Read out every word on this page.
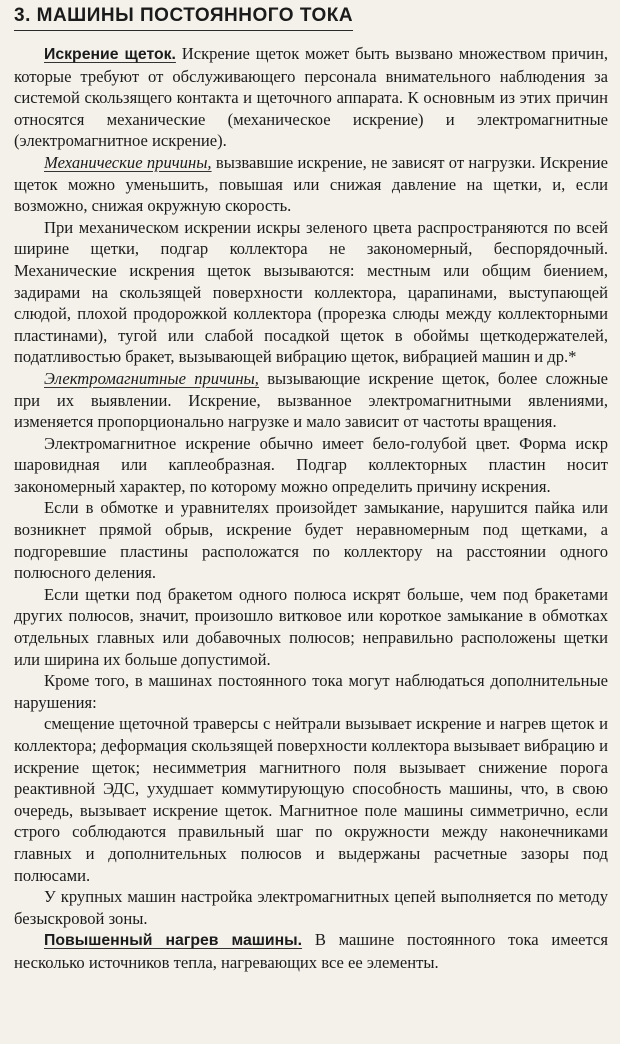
3. МАШИНЫ ПОСТОЯННОГО ТОКА

Искрение щеток. Искрение щеток может быть вызвано множеством причин, которые требуют от обслуживающего персонала внимательного наблюдения за системой скользящего контакта и щеточного аппарата. К основным из этих причин относятся механические (механическое искрение) и электромагнитные (электромагнитное искрение).

Механические причины, вызвавшие искрение, не зависят от нагрузки. Искрение щеток можно уменьшить, повышая или снижая давление на щетки, и, если возможно, снижая окружную скорость.

При механическом искрении искры зеленого цвета распространяются по всей ширине щетки, подгар коллектора не закономерный, беспорядочный. Механические искрения щеток вызываются: местным или общим биением, задирами на скользящей поверхности коллектора, царапинами, выступающей слюдой, плохой продорожкой коллектора (прорезка слюды между коллекторными пластинами), тугой или слабой посадкой щеток в обоймы щеткодержателей, податливостью бракет, вызывающей вибрацию щеток, вибрацией машин и др.*

Электромагнитные причины, вызывающие искрение щеток, более сложные при их выявлении. Искрение, вызванное электромагнитными явлениями, изменяется пропорционально нагрузке и мало зависит от частоты вращения.

Электромагнитное искрение обычно имеет бело-голубой цвет. Форма искр шаровидная или каплеобразная. Подгар коллекторных пластин носит закономерный характер, по которому можно определить причину искрения.

Если в обмотке и уравнителях произойдет замыкание, нарушится пайка или возникнет прямой обрыв, искрение будет неравномерным под щетками, а подгоревшие пластины расположатся по коллектору на расстоянии одного полюсного деления.

Если щетки под бракетом одного полюса искрят больше, чем под бракетами других полюсов, значит, произошло витковое или короткое замыкание в обмотках отдельных главных или добавочных полюсов; неправильно расположены щетки или ширина их больше допустимой.

Кроме того, в машинах постоянного тока могут наблюдаться дополнительные нарушения:

смещение щеточной траверсы с нейтрали вызывает искрение и нагрев щеток и коллектора; деформация скользящей поверхности коллектора вызывает вибрацию и искрение щеток; несимметрия магнитного поля вызывает снижение порога реактивной ЭДС, ухудшает коммутирующую способность машины, что, в свою очередь, вызывает искрение щеток. Магнитное поле машины симметрично, если строго соблюдаются правильный шаг по окружности между наконечниками главных и дополнительных полюсов и выдержаны расчетные зазоры под полюсами.

У крупных машин настройка электромагнитных цепей выполняется по методу безыскровой зоны.

Повышенный нагрев машины. В машине постоянного тока имеется несколько источников тепла, нагревающих все ее элементы.
